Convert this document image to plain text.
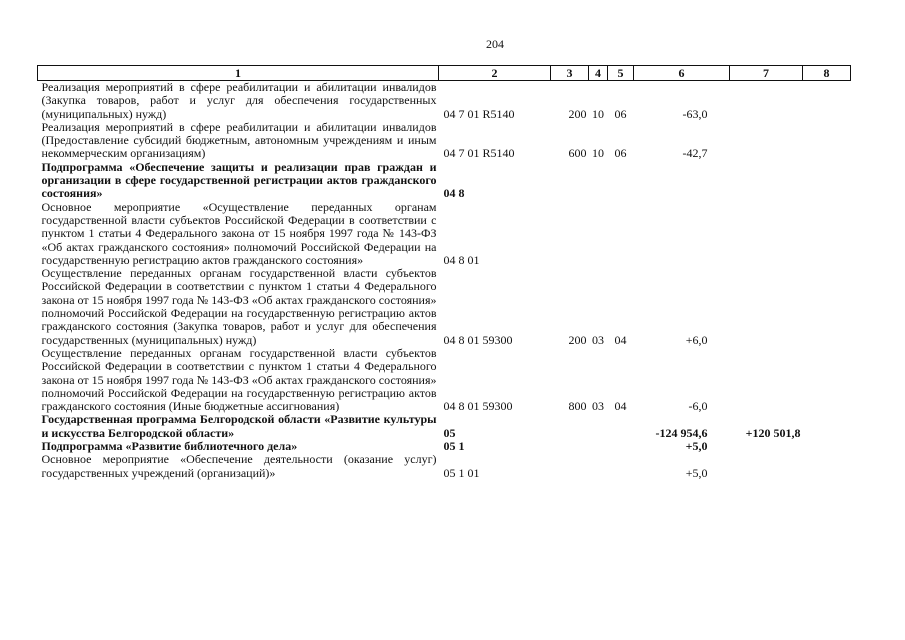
204
1	2	3	4	5	6	7	8
Реализация мероприятий в сфере реабилитации и абилитации инвалидов (Закупка товаров, работ и услуг для обеспечения государственных (муниципальных) нужд)	04 7 01 R5140	200	10	06	-63,0		
Реализация мероприятий в сфере реабилитации и абилитации инвалидов (Предоставление субсидий бюджетным, автономным учреждениям и иным некоммерческим организациям)	04 7 01 R5140	600	10	06	-42,7		
Подпрограмма «Обеспечение защиты и реализации прав граждан и организации в сфере государственной регистрации актов гражданского состояния»	04 8						
Основное мероприятие «Осуществление переданных органам государственной власти субъектов Российской Федерации в соответствии с пунктом 1 статьи 4 Федерального закона от 15 ноября 1997 года № 143-ФЗ «Об актах гражданского состояния» полномочий Российской Федерации на государственную регистрацию актов гражданского состояния»	04 8 01						
Осуществление переданных органам государственной власти субъектов Российской Федерации в соответствии с пунктом 1 статьи 4 Федерального закона от 15 ноября 1997 года № 143-ФЗ «Об актах гражданского состояния» полномочий Российской Федерации на государственную регистрацию актов гражданского состояния (Закупка товаров, работ и услуг для обеспечения государственных (муниципальных) нужд)	04 8 01 59300	200	03	04	+6,0		
Осуществление переданных органам государственной власти субъектов Российской Федерации в соответствии с пунктом 1 статьи 4 Федерального закона от 15 ноября 1997 года № 143-ФЗ «Об актах гражданского состояния» полномочий Российской Федерации на государственную регистрацию актов гражданского состояния (Иные бюджетные ассигнования)	04 8 01 59300	800	03	04	-6,0		
Государственная программа Белгородской области «Развитие культуры и искусства Белгородской области»	05				-124 954,6	+120 501,8	
Подпрограмма «Развитие библиотечного дела»	05 1				+5,0		
Основное мероприятие «Обеспечение деятельности (оказание услуг) государственных учреждений (организаций)»	05 1 01				+5,0		
